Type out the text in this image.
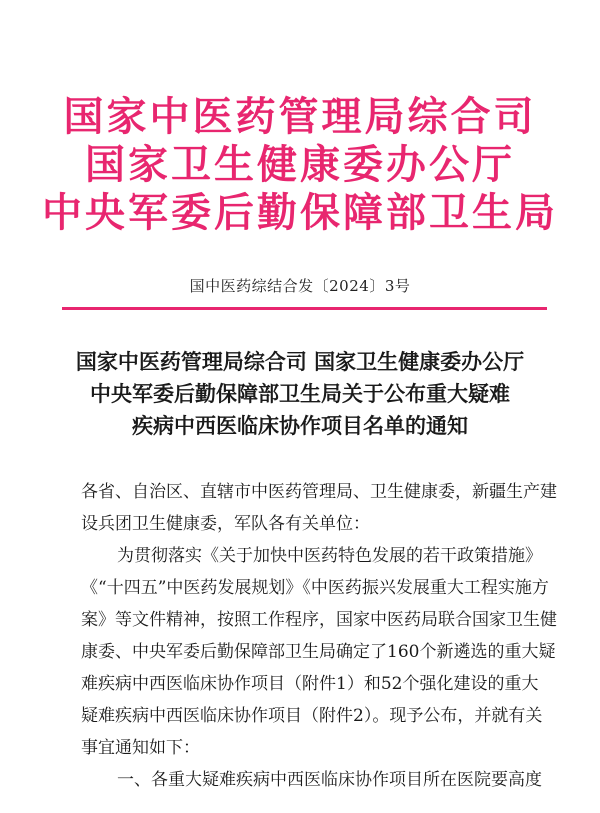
国家中医药管理局综合司
国家卫生健康委办公厅
中央军委后勤保障部卫生局
国中医药综结合发〔2024〕3号
国家中医药管理局综合司 国家卫生健康委办公厅
中央军委后勤保障部卫生局关于公布重大疑难
疾病中西医临床协作项目名单的通知
各省、自治区、直辖市中医药管理局、卫生健康委，新疆生产建
设兵团卫生健康委，军队各有关单位：
为贯彻落实《关于加快中医药特色发展的若干政策措施》
《“十四五”中医药发展规划》《中医药振兴发展重大工程实施方
案》等文件精神，按照工作程序，国家中医药局联合国家卫生健
康委、中央军委后勤保障部卫生局确定了160个新遴选的重大疑
难疾病中西医临床协作项目（附件1）和52个强化建设的重大
疑难疾病中西医临床协作项目（附件2）。现予公布，并就有关
事宜通知如下：
一、各重大疑难疾病中西医临床协作项目所在医院要高度
